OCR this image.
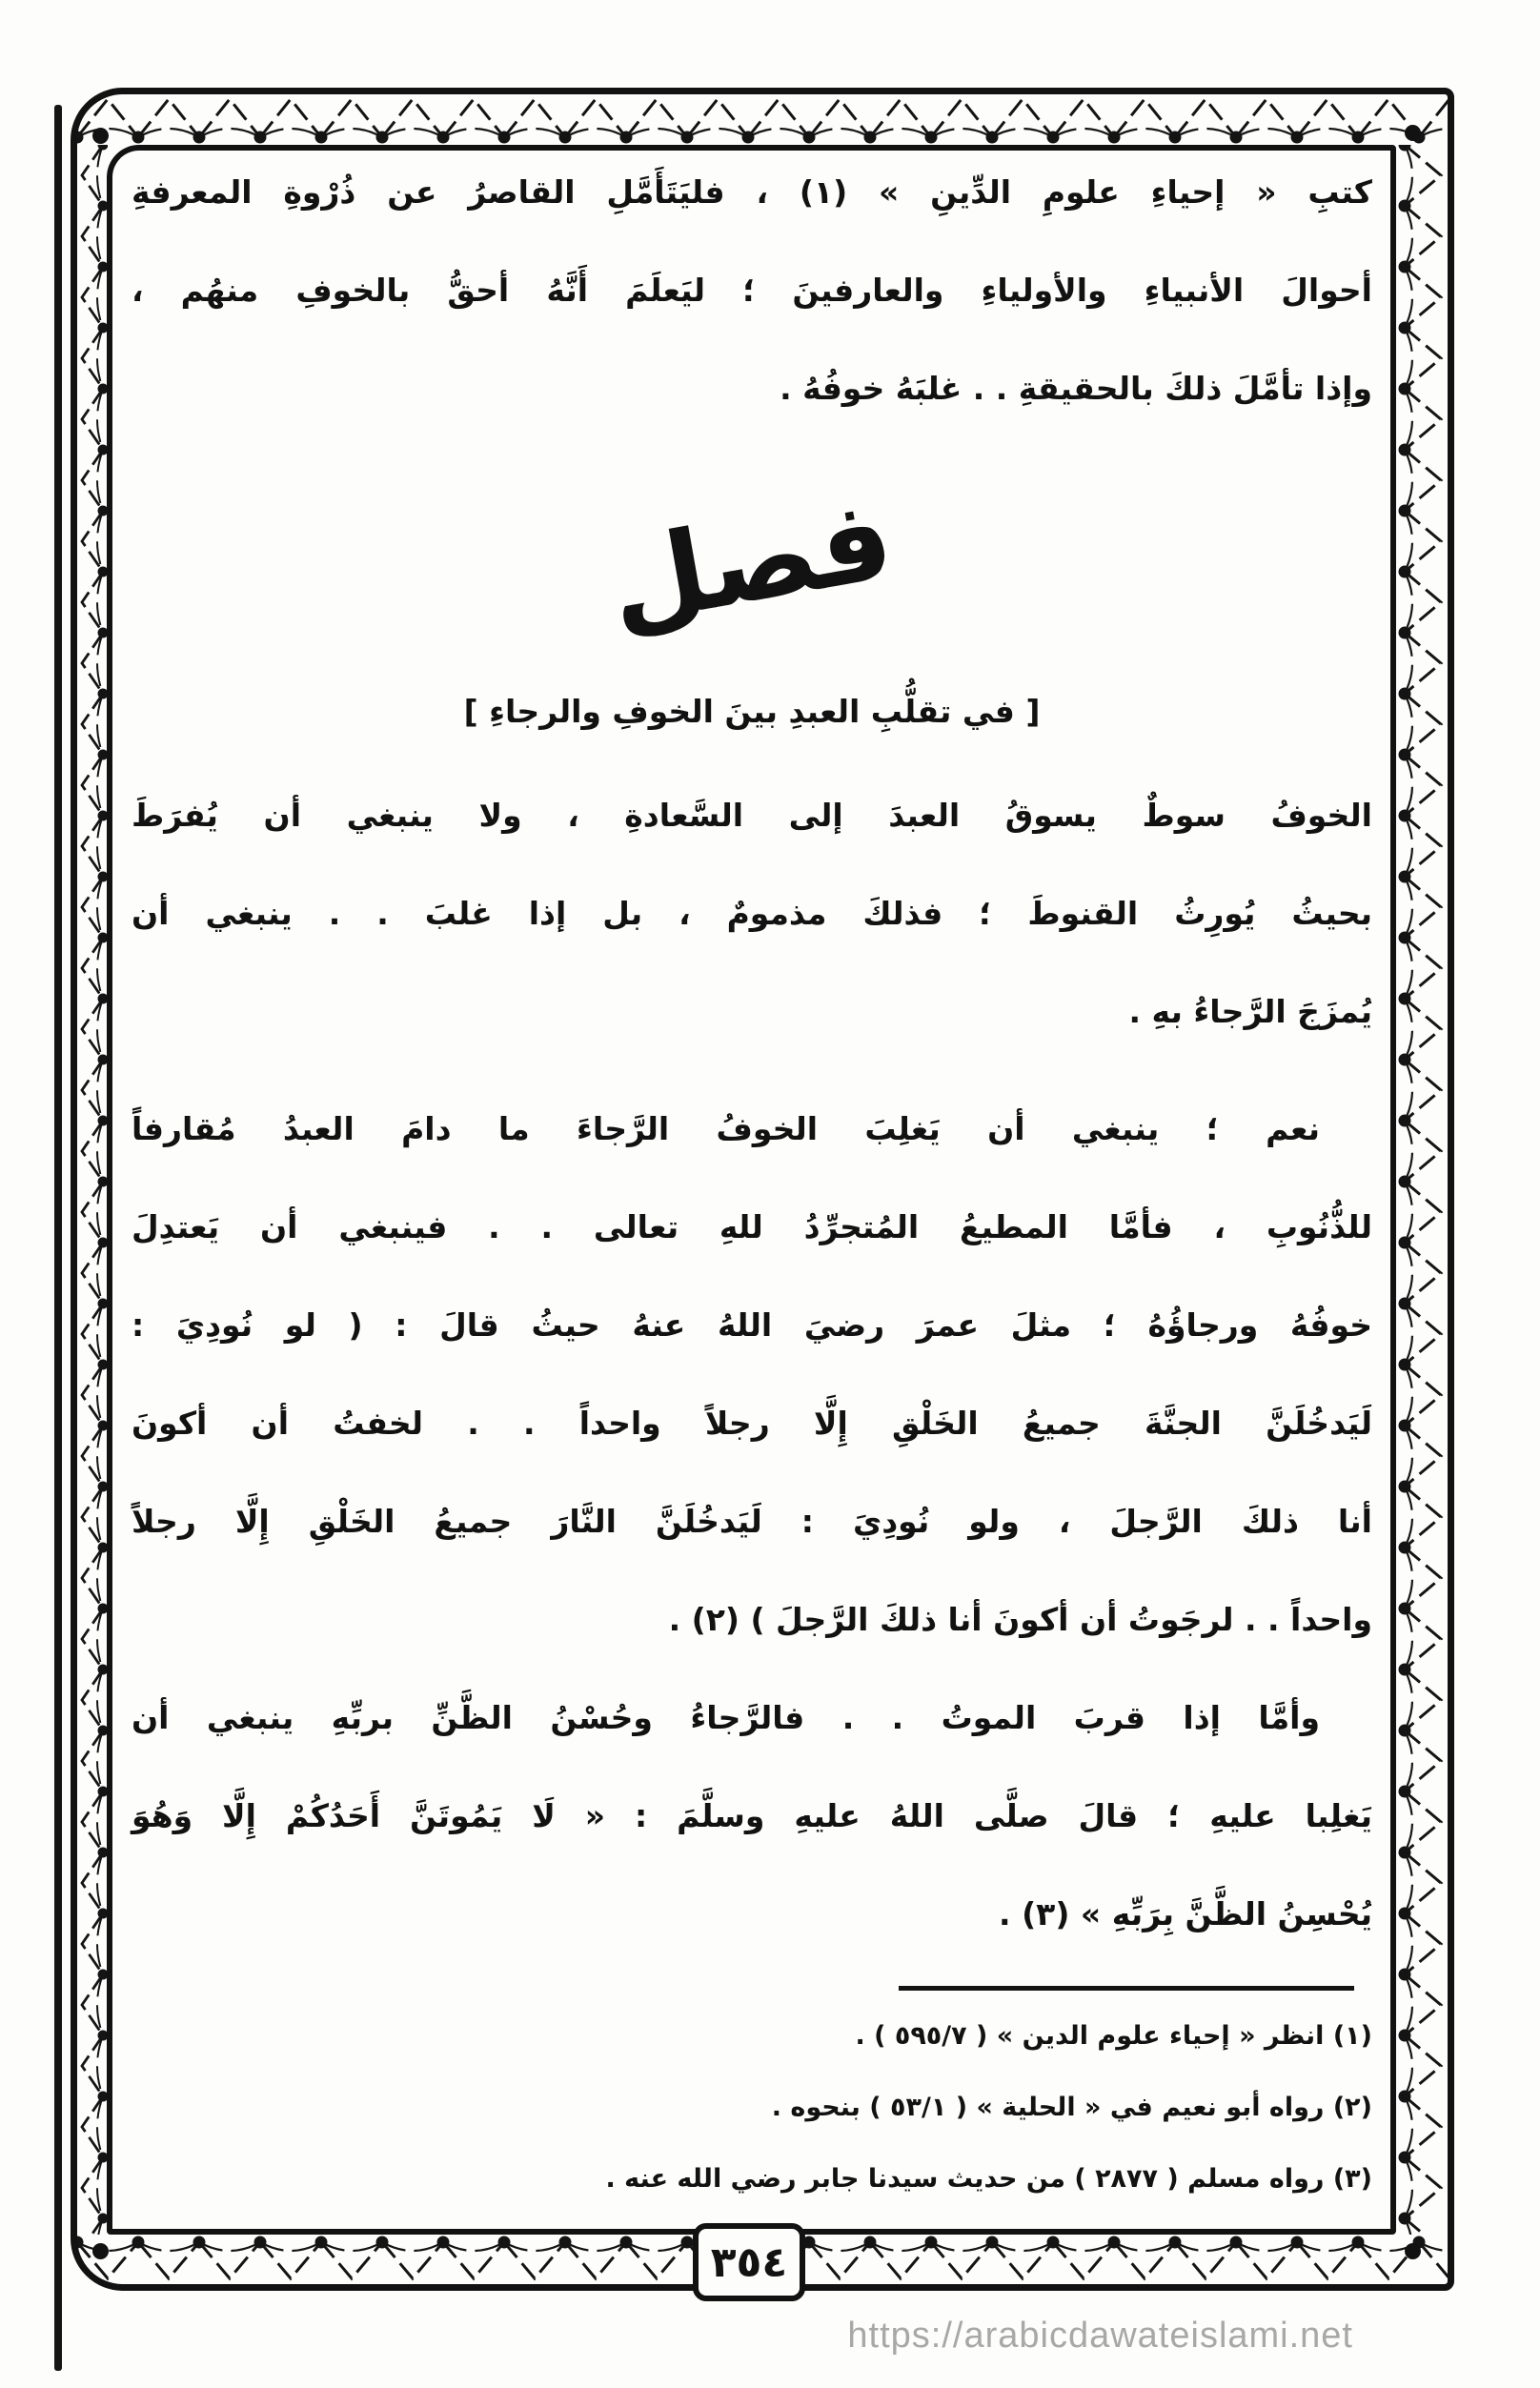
كتبِ « إحياءِ علومِ الدِّينِ » (١) ، فليَتَأَمَّلِ القاصرُ عن ذُرْوةِ المعرفةِ
أحوالَ الأنبياءِ والأولياءِ والعارفينَ ؛ ليَعلَمَ أَنَّهُ أحقُّ بالخوفِ منهُم ،
وإذا تأمَّلَ ذلكَ بالحقيقةِ . . غلبَهُ خوفُهُ .
فصل
[ في تقلُّبِ العبدِ بينَ الخوفِ والرجاءِ ]
الخوفُ سوطٌ يسوقُ العبدَ إلى السَّعادةِ ، ولا ينبغي أن يُفرَطَ
بحيثُ يُورِثُ القنوطَ ؛ فذلكَ مذمومٌ ، بل إذا غلبَ . . ينبغي أن
يُمزَجَ الرَّجاءُ بهِ .
نعم ؛ ينبغي أن يَغلِبَ الخوفُ الرَّجاءَ ما دامَ العبدُ مُقارفاً
للذُّنُوبِ ، فأمَّا المطيعُ المُتجرِّدُ للهِ تعالى . . فينبغي أن يَعتدِلَ
خوفُهُ ورجاؤُهُ ؛ مثلَ عمرَ رضيَ اللهُ عنهُ حيثُ قالَ : ( لو نُودِيَ :
لَيَدخُلَنَّ الجنَّةَ جميعُ الخَلْقِ إِلَّا رجلاً واحداً . . لخفتُ أن أكونَ
أنا ذلكَ الرَّجلَ ، ولو نُودِيَ : لَيَدخُلَنَّ النَّارَ جميعُ الخَلْقِ إِلَّا رجلاً
واحداً . . لرجَوتُ أن أكونَ أنا ذلكَ الرَّجلَ ) (٢) .
وأمَّا إذا قربَ الموتُ . . فالرَّجاءُ وحُسْنُ الظَّنِّ بربِّهِ ينبغي أن
يَغلِبا عليهِ ؛ قالَ صلَّى اللهُ عليهِ وسلَّمَ : « لَا يَمُوتَنَّ أَحَدُكُمْ إِلَّا وَهُوَ
يُحْسِنُ الظَّنَّ بِرَبِّهِ » (٣) .
(١) انظر « إحياء علوم الدين » ( ٥٩٥/٧ ) .
(٢) رواه أبو نعيم في « الحلية » ( ٥٣/١ ) بنحوه .
(٣) رواه مسلم ( ٢٨٧٧ ) من حديث سيدنا جابر رضي الله عنه .
٣٥٤
https://arabicdawateislami.net
